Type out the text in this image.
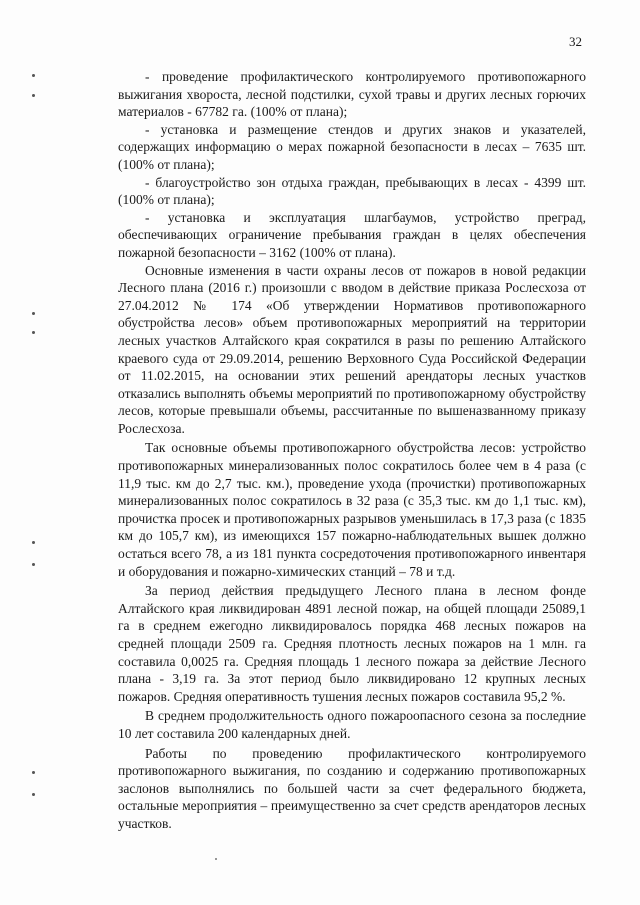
32

- проведение профилактического контролируемого противопожарного выжигания хвороста, лесной подстилки, сухой травы и других лесных горючих материалов - 67782 га. (100% от плана);

- установка и размещение стендов и других знаков и указателей, содержащих информацию о мерах пожарной безопасности в лесах – 7635 шт. (100% от плана);

- благоустройство зон отдыха граждан, пребывающих в лесах - 4399 шт. (100% от плана);

- установка и эксплуатация шлагбаумов, устройство преград, обеспечивающих ограничение пребывания граждан в целях обеспечения пожарной безопасности – 3162 (100% от плана).

Основные изменения в части охраны лесов от пожаров в новой редакции Лесного плана (2016 г.) произошли с вводом в действие приказа Рослесхоза от 27.04.2012 № 174 «Об утверждении Нормативов противопожарного обустройства лесов» объем противопожарных мероприятий на территории лесных участков Алтайского края сократился в разы по решению Алтайского краевого суда от 29.09.2014, решению Верховного Суда Российской Федерации от 11.02.2015, на основании этих решений арендаторы лесных участков отказались выполнять объемы мероприятий по противопожарному обустройству лесов, которые превышали объемы, рассчитанные по вышеназванному приказу Рослесхоза.

Так основные объемы противопожарного обустройства лесов: устройство противопожарных минерализованных полос сократилось более чем в 4 раза (с 11,9 тыс. км до 2,7 тыс. км.), проведение ухода (прочистки) противопожарных минерализованных полос сократилось в 32 раза (с 35,3 тыс. км до 1,1 тыс. км), прочистка просек и противопожарных разрывов уменьшилась в 17,3 раза (с 1835 км до 105,7 км), из имеющихся 157 пожарно-наблюдательных вышек должно остаться всего 78, а из 181 пункта сосредоточения противопожарного инвентаря и оборудования и пожарно-химических станций – 78 и т.д.

За период действия предыдущего Лесного плана в лесном фонде Алтайского края ликвидирован 4891 лесной пожар, на общей площади 25089,1 га в среднем ежегодно ликвидировалось порядка 468 лесных пожаров на средней площади 2509 га. Средняя плотность лесных пожаров на 1 млн. га составила 0,0025 га. Средняя площадь 1 лесного пожара за действие Лесного плана - 3,19 га. За этот период было ликвидировано 12 крупных лесных пожаров. Средняя оперативность тушения лесных пожаров составила 95,2 %.

В среднем продолжительность одного пожароопасного сезона за последние 10 лет составила 200 календарных дней.

Работы по проведению профилактического контролируемого противопожарного выжигания, по созданию и содержанию противопожарных заслонов выполнялись по большей части за счет федерального бюджета, остальные мероприятия – преимущественно за счет средств арендаторов лесных участков.
